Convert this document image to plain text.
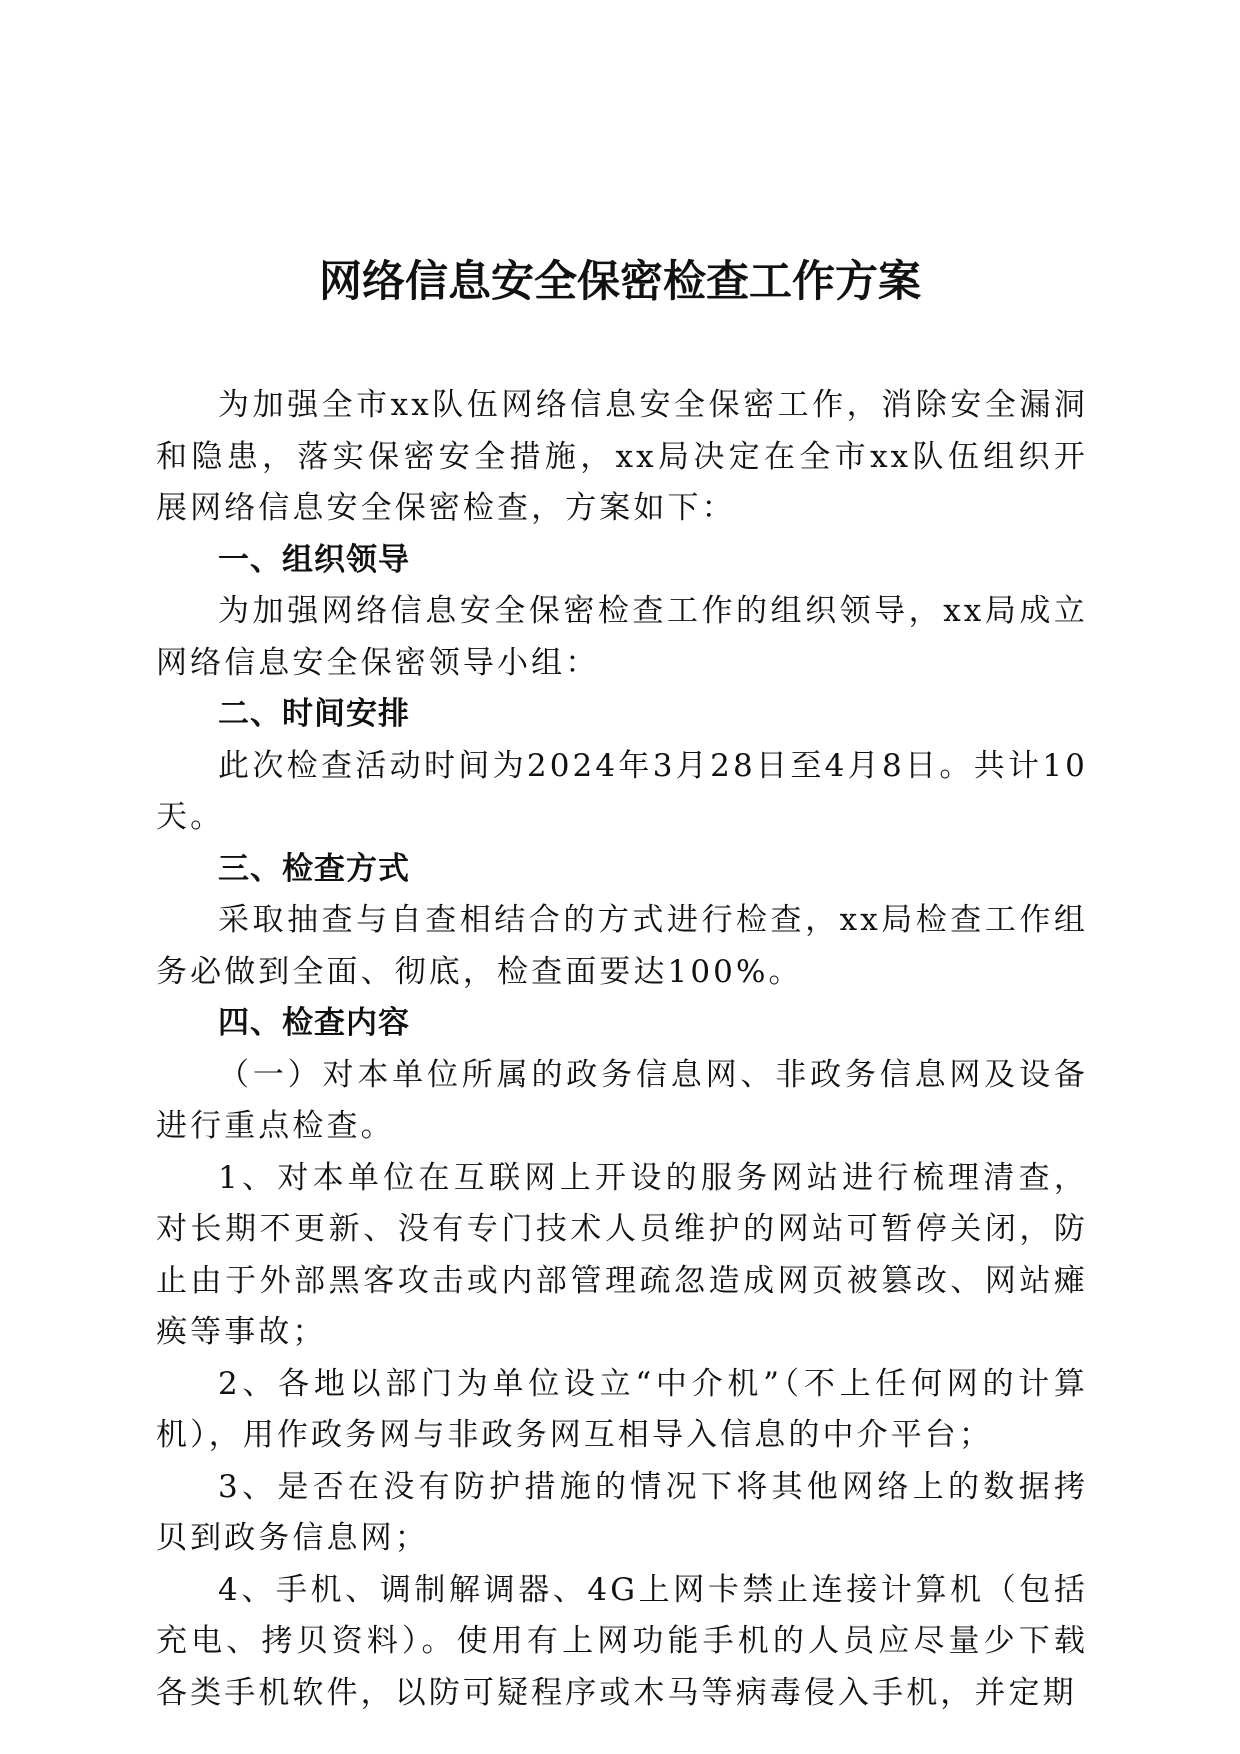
网络信息安全保密检查工作方案

为加强全市xx队伍网络信息安全保密工作，消除安全漏洞和隐患，落实保密安全措施，xx局决定在全市xx队伍组织开展网络信息安全保密检查，方案如下：

一、组织领导

为加强网络信息安全保密检查工作的组织领导，xx局成立网络信息安全保密领导小组：

二、时间安排

此次检查活动时间为2024年3月28日至4月8日。共计10天。

三、检查方式

采取抽查与自查相结合的方式进行检查，xx局检查工作组务必做到全面、彻底，检查面要达100%。

四、检查内容

（一）对本单位所属的政务信息网、非政务信息网及设备进行重点检查。

1、对本单位在互联网上开设的服务网站进行梳理清查，对长期不更新、没有专门技术人员维护的网站可暂停关闭，防止由于外部黑客攻击或内部管理疏忽造成网页被篡改、网站瘫痪等事故；

2、各地以部门为单位设立“中介机”（不上任何网的计算机），用作政务网与非政务网互相导入信息的中介平台；

3、是否在没有防护措施的情况下将其他网络上的数据拷贝到政务信息网；

4、手机、调制解调器、4G上网卡禁止连接计算机（包括充电、拷贝资料）。使用有上网功能手机的人员应尽量少下载各类手机软件，以防可疑程序或木马等病毒侵入手机，并定期
